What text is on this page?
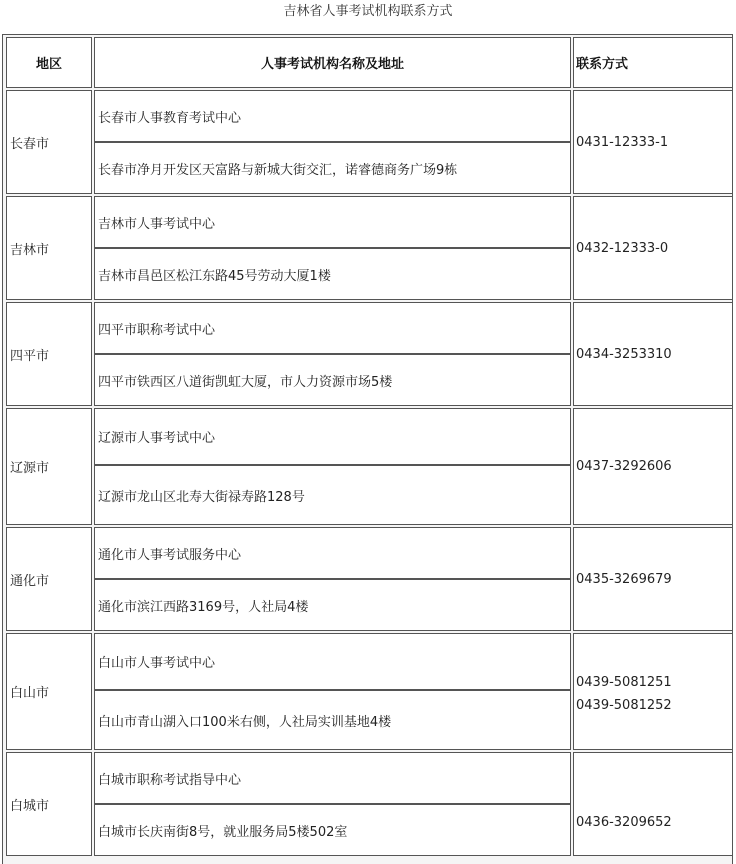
吉林省人事考试机构联系方式
地区	人事考试机构名称及地址	联系方式
长春市
长春市人事教育考试中心
长春市净月开发区天富路与新城大街交汇，诺睿德商务广场9栋
0431-12333-1
吉林市
吉林市人事考试中心
吉林市昌邑区松江东路45号劳动大厦1楼
0432-12333-0
四平市
四平市职称考试中心
四平市铁西区八道街凯虹大厦，市人力资源市场5楼
0434-3253310
辽源市
辽源市人事考试中心
辽源市龙山区北寿大街禄寿路128号
0437-3292606
通化市
通化市人事考试服务中心
通化市滨江西路3169号，人社局4楼
0435-3269679
白山市
白山市人事考试中心
白山市青山湖入口100米右侧，人社局实训基地4楼
0439-5081251
0439-5081252
白城市
白城市职称考试指导中心
白城市长庆南街8号，就业服务局5楼502室
0436-3209652
